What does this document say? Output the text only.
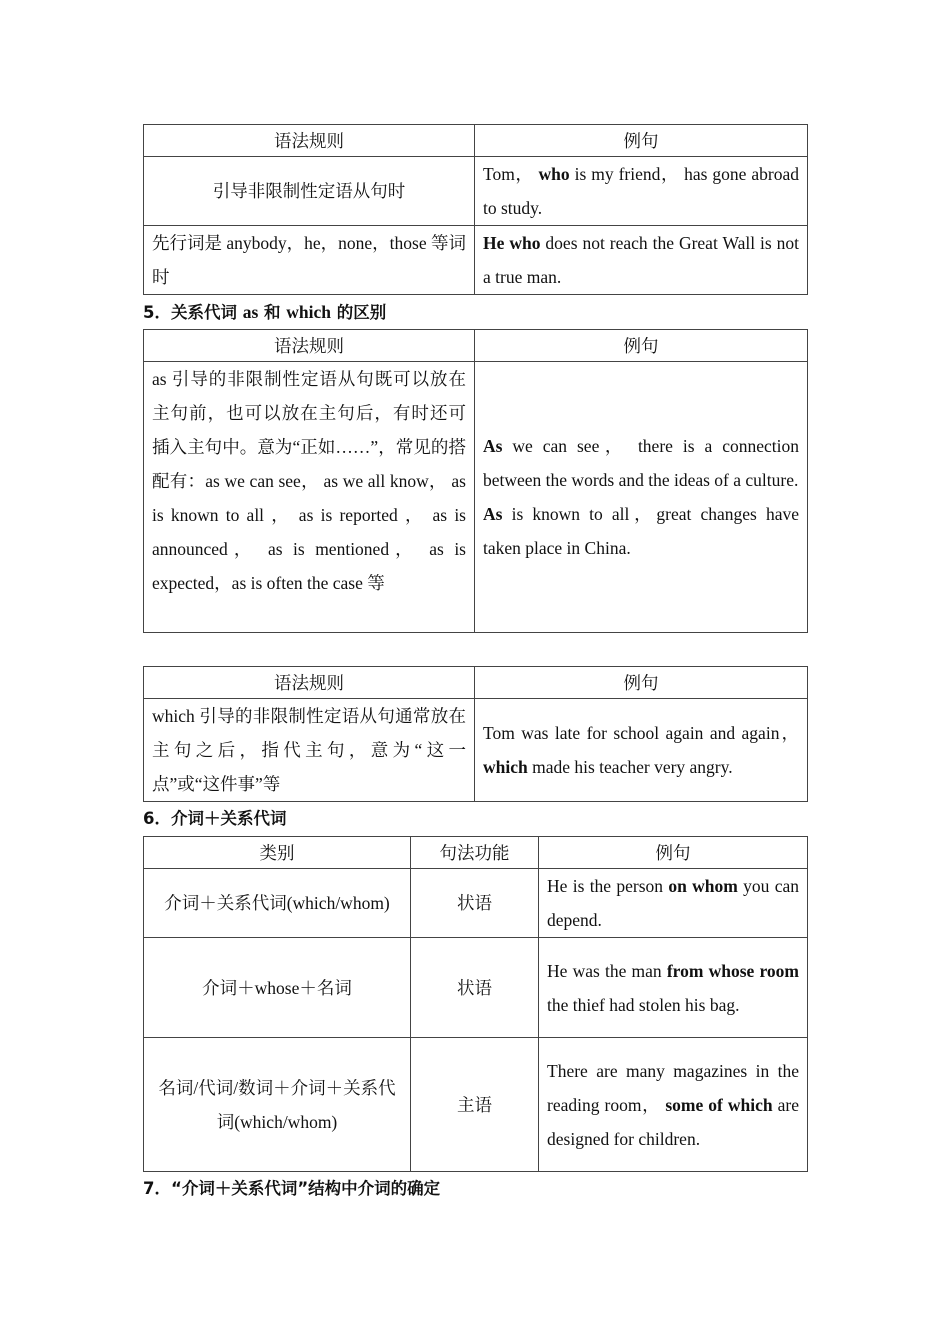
语法规则	例句
引导非限制性定语从句时	Tom， who is my friend， has gone abroad to study.
先行词是 anybody，he，none，those 等词时	He who does not reach the Great Wall is not a true man.
5．关系代词 as 和 which 的区别
语法规则	例句
as 引导的非限制性定语从句既可以放在主句前，也可以放在主句后，有时还可插入主句中。意为“正如……”，常见的搭配有：as we can see， as we all know， as is known to all ， as is reported ， as is announced， as is mentioned， as is expected，as is often the case 等	As we can see， there is a connection between the words and the ideas of a culture.
As is known to all，great changes have taken place in China.
语法规则	例句
which 引导的非限制性定语从句通常放在主句之后，指代主句，意为“这一点”或“这件事”等	Tom was late for school again and again， which made his teacher very angry.
6．介词＋关系代词
类别	句法功能	例句
介词＋关系代词(which/whom)	状语	He is the person on whom you can depend.
介词＋whose＋名词	状语	He was the man from whose room the thief had stolen his bag.
名词/代词/数词＋介词＋关系代词(which/whom)	主语	There are many magazines in the reading room， some of which are designed for children.
7．“介词＋关系代词”结构中介词的确定
